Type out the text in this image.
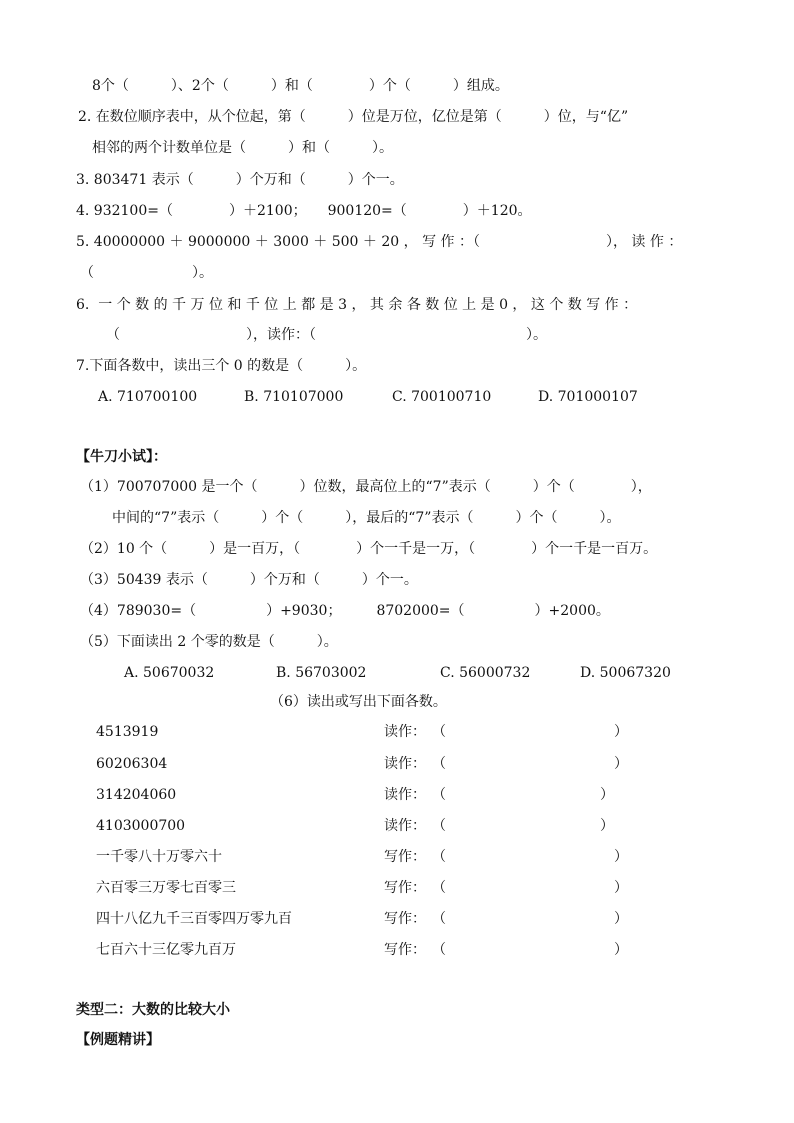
8个（　　　）、2个（　　　）和（　　　　）个（　　　）组成。
2. 在数位顺序表中，从个位起，第（　　　）位是万位，亿位是第（　　　）位，与“亿”
相邻的两个计数单位是（　　　）和（　　　）。
3. 803471 表示（　　　）个万和（　　　）个一。
4. 932100=（　　　　）＋2100；　　900120=（　　　　）＋120。
5. 40000000 ＋ 9000000 ＋ 3000 ＋ 500 ＋ 20 ， 写 作 ：（　　　　　　　　　）， 读 作 ：
（　　　　　　　）。
6.  一 个 数 的 千 万 位 和 千 位 上 都 是 3 ， 其 余 各 数 位 上 是 0 ， 这 个 数 写 作 ：
（　　　　　　　　　），读作：（　　　　　　　　　　　　　　　）。
7.下面各数中，读出三个 0 的数是（　　　）。
A. 710700100	B. 710107000	C. 700100710	D. 701000107
【牛刀小试】：
（1）700707000 是一个（　　　）位数，最高位上的“7”表示（　　　）个（　　　　），
中间的“7”表示（　　　）个（　　　），最后的“7”表示（　　　）个（　　　）。
（2）10 个（　　　）是一百万，（　　　　）个一千是一万，（　　　　）个一千是一百万。
（3）50439 表示（　　　）个万和（　　　）个一。
（4）789030=（　　　　　）+9030；　　　8702000=（　　　　　）+2000。
（5）下面读出 2 个零的数是（　　　）。
A. 50670032	B. 56703002	C. 56000732	D. 50067320
（6）读出或写出下面各数。
4513919	读作： （　　　　　　　　　　　　）
60206304	读作： （　　　　　　　　　　　　）
314204060	读作： （　　　　　　　　　　　）
4103000700	读作： （　　　　　　　　　　　）
一千零八十万零六十	写作： （　　　　　　　　　　　　）
六百零三万零七百零三	写作： （　　　　　　　　　　　　）
四十八亿九千三百零四万零九百	写作： （　　　　　　　　　　　　）
七百六十三亿零九百万	写作： （　　　　　　　　　　　　）
类型二：大数的比较大小
【例题精讲】
